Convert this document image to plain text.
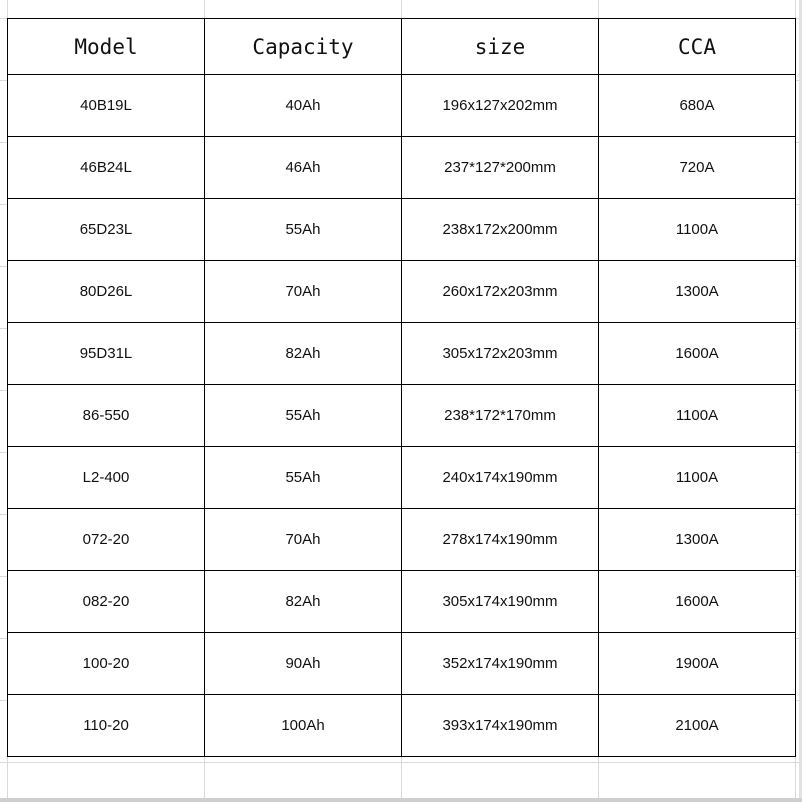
Model	Capacity	size	CCA
40B19L	40Ah	196x127x202mm	680A
46B24L	46Ah	237*127*200mm	720A
65D23L	55Ah	238x172x200mm	1100A
80D26L	70Ah	260x172x203mm	1300A
95D31L	82Ah	305x172x203mm	1600A
86-550	55Ah	238*172*170mm	1100A
L2-400	55Ah	240x174x190mm	1100A
072-20	70Ah	278x174x190mm	1300A
082-20	82Ah	305x174x190mm	1600A
100-20	90Ah	352x174x190mm	1900A
110-20	100Ah	393x174x190mm	2100A
